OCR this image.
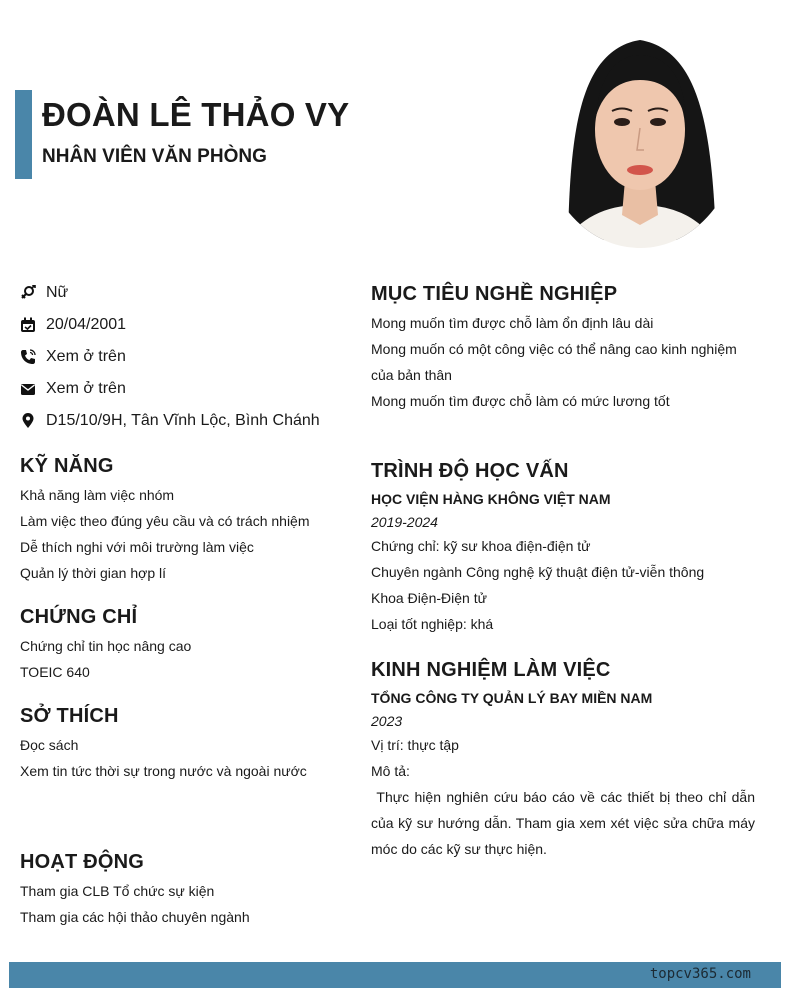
ĐOÀN LÊ THẢO VY
NHÂN VIÊN VĂN PHÒNG
Nữ
20/04/2001
Xem ở trên
Xem ở trên
D15/10/9H, Tân Vĩnh Lộc, Bình Chánh
KỸ NĂNG
Khả năng làm việc nhóm
Làm việc theo đúng yêu cầu và có trách nhiệm
Dễ thích nghi với môi trường làm việc
Quản lý thời gian hợp lí
CHỨNG CHỈ
Chứng chỉ tin học nâng cao
TOEIC 640
SỞ THÍCH
Đọc sách
Xem tin tức thời sự trong nước và ngoài nước
HOẠT ĐỘNG
Tham gia CLB Tổ chức sự kiện
Tham gia các hội thảo chuyên ngành
MỤC TIÊU NGHỀ NGHIỆP
Mong muốn tìm được chỗ làm ổn định lâu dài
Mong muốn có một công việc có thể nâng cao kinh nghiệm của bản thân
Mong muốn tìm được chỗ làm có mức lương tốt
TRÌNH ĐỘ HỌC VẤN
HỌC VIỆN HÀNG KHÔNG VIỆT NAM
2019-2024
Chứng chỉ: kỹ sư khoa điện-điện tử
Chuyên ngành Công nghệ kỹ thuật điện tử-viễn thông
Khoa Điện-Điện tử
Loại tốt nghiệp: khá
KINH NGHIỆM LÀM VIỆC
TỔNG CÔNG TY QUẢN LÝ BAY MIỀN NAM
2023
Vị trí: thực tập
Mô tả:
Thực hiện nghiên cứu báo cáo về các thiết bị theo chỉ dẫn của kỹ sư hướng dẫn. Tham gia xem xét việc sửa chữa máy móc do các kỹ sư thực hiện.
topcv365.com
